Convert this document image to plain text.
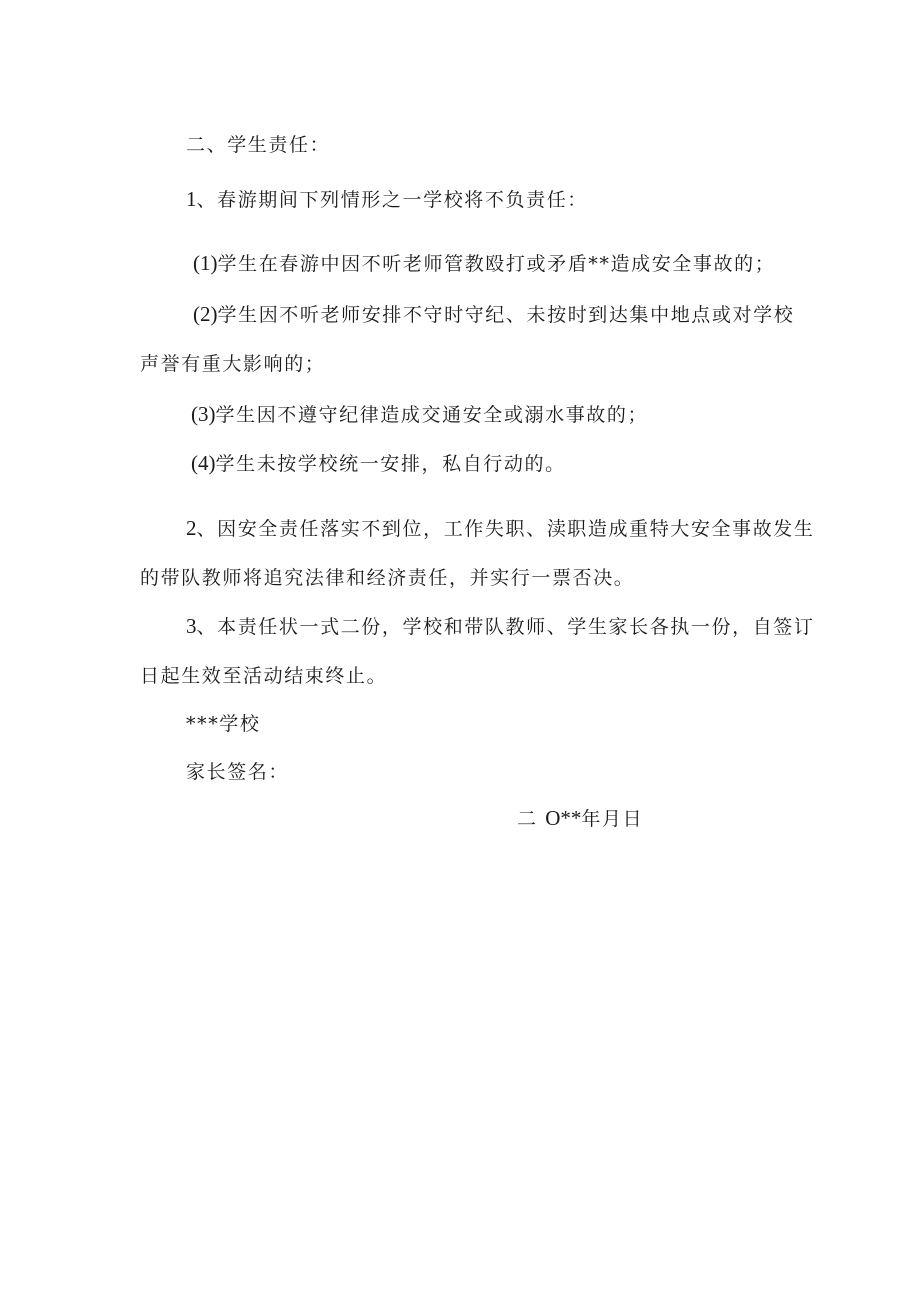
二、学生责任：
1、春游期间下列情形之一学校将不负责任：
(1)学生在春游中因不听老师管教殴打或矛盾**造成安全事故的；
(2)学生因不听老师安排不守时守纪、未按时到达集中地点或对学校
声誉有重大影响的；
(3)学生因不遵守纪律造成交通安全或溺水事故的；
(4)学生未按学校统一安排，私自行动的。
2、因安全责任落实不到位，工作失职、渎职造成重特大安全事故发生
的带队教师将追究法律和经济责任，并实行一票否决。
3、本责任状一式二份，学校和带队教师、学生家长各执一份，自签订
日起生效至活动结束终止。
***学校
家长签名：
二 O**年月日
